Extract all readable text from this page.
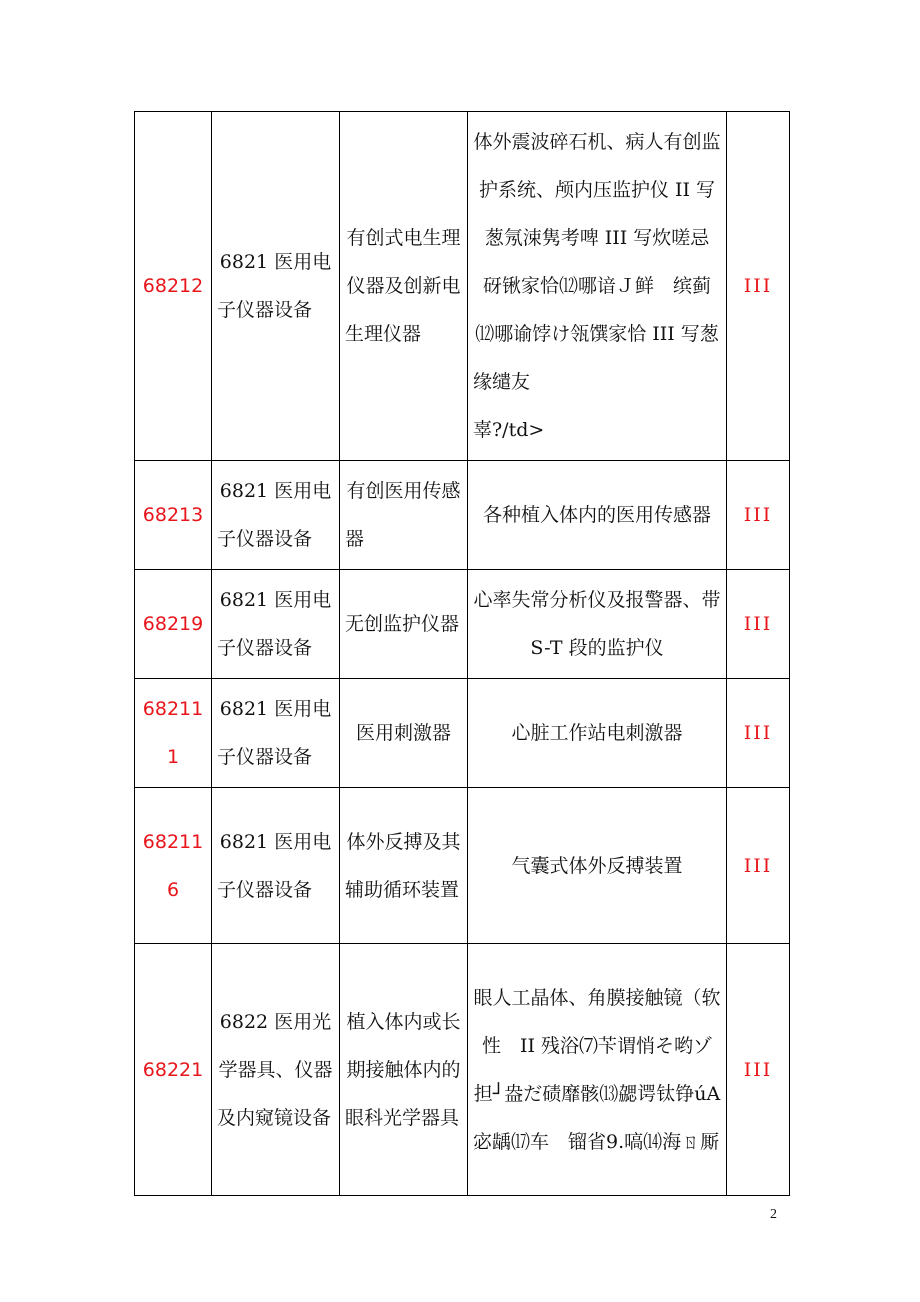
68212	6821 医用电子仪器设备	有创式电生理仪器及创新电生理仪器	体外震波碎石机、病人有创监护系统、颅内压监护仪 II 写葱氖涑隽考啤 III 写炊嗟忌　砑锹家恰⑿哪谙Ｊ鲜　缤蓟　⑿哪谕饽け瓴馔家恰 III 写葱缘缱友
辜?/td>	III
68213	6821 医用电子仪器设备	有创医用传感器	各种植入体内的医用传感器	III
68219	6821 医用电子仪器设备	无创监护仪器	心率失常分析仪及报警器、带 S-T 段的监护仪	III
682111	6821 医用电子仪器设备	医用刺激器	心脏工作站电刺激器	III
682116	6821 医用电子仪器设备	体外反搏及其辅助循环装置	气囊式体外反搏装置	III
68221	6822 医用光学器具、仪器及内窥镜设备	植入体内或长期接触体内的眼科光学器具	眼人工晶体、角膜接触镜（软性　II 残浴⑺苄谓悄そ哟ゾ担┘盎だ碛靡骸⒀勰谔钛铮úΑ　宓龋⒄车　镏省9.嗃⒁海ㄖ厮	III
2
